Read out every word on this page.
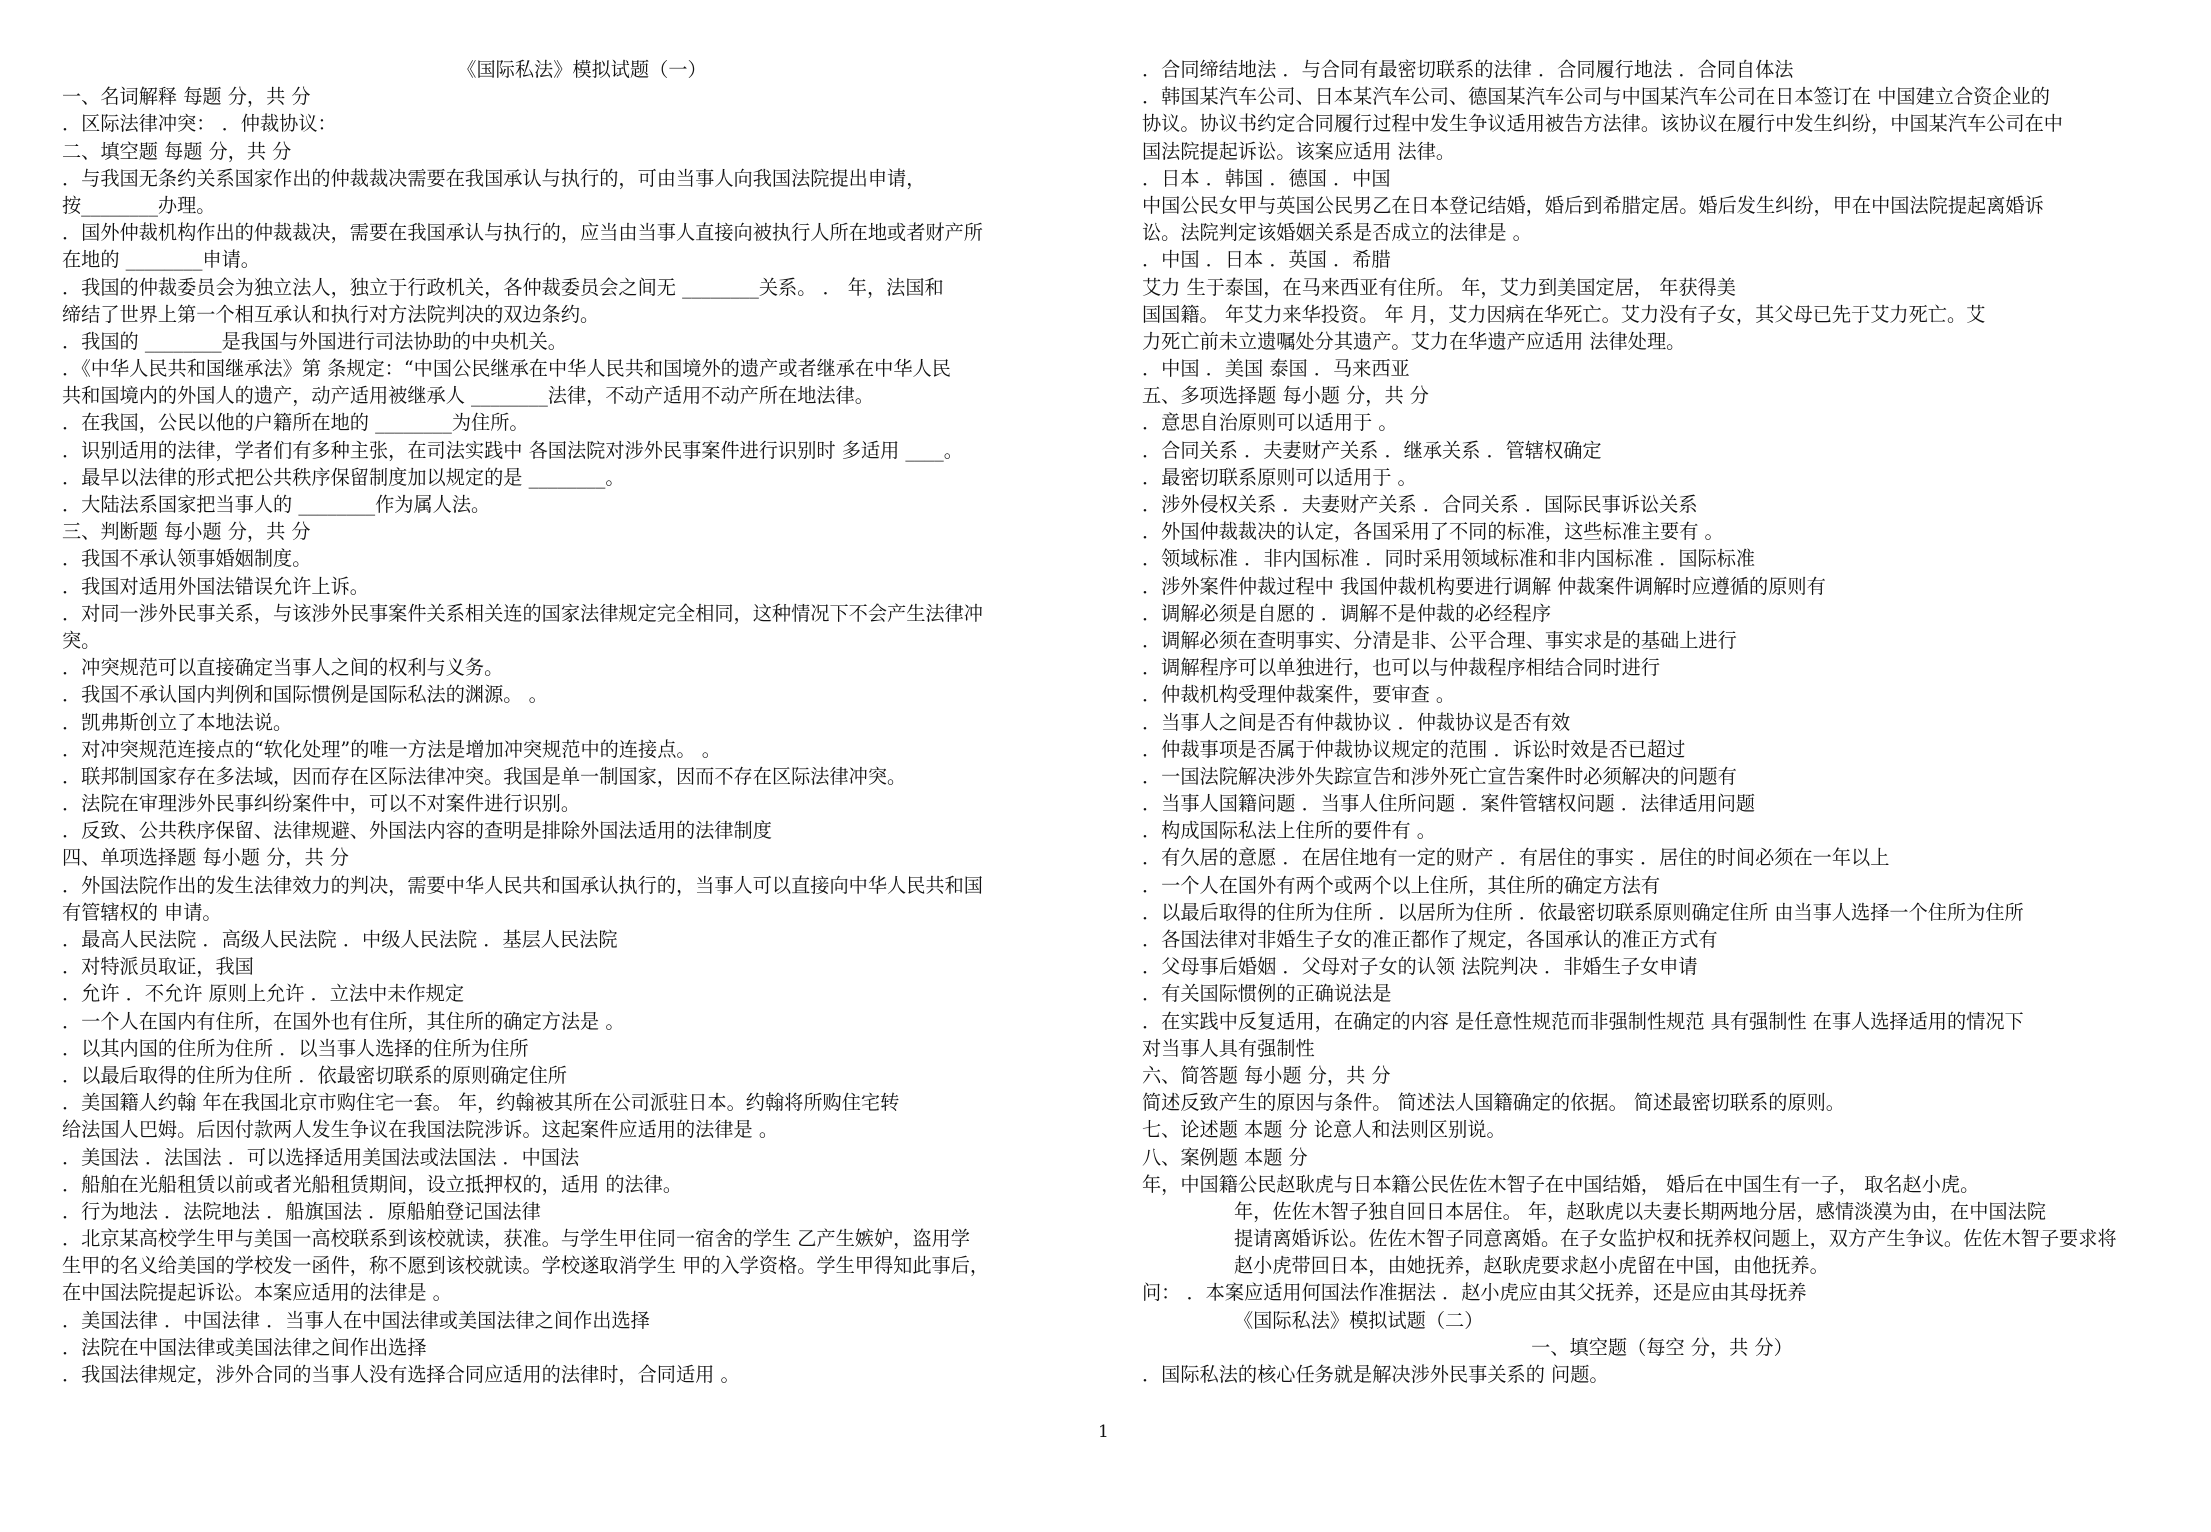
《国际私法》模拟试题（一）
一、名词解释 每题 分，共 分
．区际法律冲突： ．仲裁协议：
二、填空题 每题 分，共 分
．与我国无条约关系国家作出的仲裁裁决需要在我国承认与执行的，可由当事人向我国法院提出申请，
按________办理。
．国外仲裁机构作出的仲裁裁决，需要在我国承认与执行的，应当由当事人直接向被执行人所在地或者财产所
在地的 ________申请。
．我国的仲裁委员会为独立法人，独立于行政机关，各仲裁委员会之间无 ________关系。 ． 年，法国和
缔结了世界上第一个相互承认和执行对方法院判决的双边条约。
．我国的 ________是我国与外国进行司法协助的中央机关。
．《中华人民共和国继承法》第 条规定：“中国公民继承在中华人民共和国境外的遗产或者继承在中华人民
共和国境内的外国人的遗产，动产适用被继承人 ________法律，不动产适用不动产所在地法律。
．在我国，公民以他的户籍所在地的 ________为住所。
．识别适用的法律，学者们有多种主张，在司法实践中 各国法院对涉外民事案件进行识别时 多适用 ____。
．最早以法律的形式把公共秩序保留制度加以规定的是 ________。
．大陆法系国家把当事人的 ________作为属人法。
三、判断题 每小题 分，共 分
．我国不承认领事婚姻制度。
．我国对适用外国法错误允许上诉。
．对同一涉外民事关系，与该涉外民事案件关系相关连的国家法律规定完全相同，这种情况下不会产生法律冲
突。
．冲突规范可以直接确定当事人之间的权利与义务。
．我国不承认国内判例和国际惯例是国际私法的渊源。 。
．凯弗斯创立了本地法说。
．对冲突规范连接点的“软化处理”的唯一方法是增加冲突规范中的连接点。 。
．联邦制国家存在多法域，因而存在区际法律冲突。我国是单一制国家，因而不存在区际法律冲突。
．法院在审理涉外民事纠纷案件中，可以不对案件进行识别。
．反致、公共秩序保留、法律规避、外国法内容的查明是排除外国法适用的法律制度
四、单项选择题 每小题 分，共 分
．外国法院作出的发生法律效力的判决，需要中华人民共和国承认执行的，当事人可以直接向中华人民共和国
有管辖权的 申请。
．最高人民法院 ．高级人民法院 ．中级人民法院 ．基层人民法院
．对特派员取证，我国
．允许 ．不允许 原则上允许 ．立法中未作规定
．一个人在国内有住所，在国外也有住所，其住所的确定方法是 。
．以其内国的住所为住所 ．以当事人选择的住所为住所
．以最后取得的住所为住所 ．依最密切联系的原则确定住所
．美国籍人约翰 年在我国北京市购住宅一套。 年，约翰被其所在公司派驻日本。约翰将所购住宅转
给法国人巴姆。后因付款两人发生争议在我国法院涉诉。这起案件应适用的法律是 。
．美国法 ．法国法 ．可以选择适用美国法或法国法 ．中国法
．船舶在光船租赁以前或者光船租赁期间，设立抵押权的，适用 的法律。
．行为地法 ．法院地法 ．船旗国法 ．原船舶登记国法律
．北京某高校学生甲与美国一高校联系到该校就读，获准。与学生甲住同一宿舍的学生 乙产生嫉妒，盗用学
生甲的名义给美国的学校发一函件，称不愿到该校就读。学校遂取消学生 甲的入学资格。学生甲得知此事后，
在中国法院提起诉讼。本案应适用的法律是 。
．美国法律 ．中国法律 ．当事人在中国法律或美国法律之间作出选择
．法院在中国法律或美国法律之间作出选择
．我国法律规定，涉外合同的当事人没有选择合同应适用的法律时，合同适用 。
．合同缔结地法 ．与合同有最密切联系的法律 ．合同履行地法 ．合同自体法
．韩国某汽车公司、日本某汽车公司、德国某汽车公司与中国某汽车公司在日本签订在 中国建立合资企业的
协议。协议书约定合同履行过程中发生争议适用被告方法律。该协议在履行中发生纠纷，中国某汽车公司在中
国法院提起诉讼。该案应适用 法律。
．日本 ．韩国 ．德国 ．中国
中国公民女甲与英国公民男乙在日本登记结婚，婚后到希腊定居。婚后发生纠纷，甲在中国法院提起离婚诉
讼。法院判定该婚姻关系是否成立的法律是 。
．中国 ．日本 ．英国 ．希腊
艾力 生于泰国，在马来西亚有住所。 年，艾力到美国定居， 年获得美
国国籍。 年艾力来华投资。 年 月，艾力因病在华死亡。艾力没有子女，其父母已先于艾力死亡。艾
力死亡前未立遗嘱处分其遗产。艾力在华遗产应适用 法律处理。
．中国 ．美国 泰国 ．马来西亚
五、多项选择题 每小题 分，共 分
．意思自治原则可以适用于 。
．合同关系 ．夫妻财产关系 ．继承关系 ．管辖权确定
．最密切联系原则可以适用于 。
．涉外侵权关系 ．夫妻财产关系 ．合同关系 ．国际民事诉讼关系
．外国仲裁裁决的认定，各国采用了不同的标准，这些标准主要有 。
．领域标准 ．非内国标准 ．同时采用领域标准和非内国标准 ．国际标准
．涉外案件仲裁过程中 我国仲裁机构要进行调解 仲裁案件调解时应遵循的原则有
．调解必须是自愿的 ．调解不是仲裁的必经程序
．调解必须在查明事实、分清是非、公平合理、事实求是的基础上进行
．调解程序可以单独进行，也可以与仲裁程序相结合同时进行
．仲裁机构受理仲裁案件，要审查 。
．当事人之间是否有仲裁协议 ．仲裁协议是否有效
．仲裁事项是否属于仲裁协议规定的范围 ．诉讼时效是否已超过
．一国法院解决涉外失踪宣告和涉外死亡宣告案件时必须解决的问题有
．当事人国籍问题 ．当事人住所问题 ．案件管辖权问题 ．法律适用问题
．构成国际私法上住所的要件有 。
．有久居的意愿 ．在居住地有一定的财产 ．有居住的事实 ．居住的时间必须在一年以上
．一个人在国外有两个或两个以上住所，其住所的确定方法有
．以最后取得的住所为住所 ．以居所为住所 ．依最密切联系原则确定住所 由当事人选择一个住所为住所
．各国法律对非婚生子女的准正都作了规定，各国承认的准正方式有
．父母事后婚姻 ．父母对子女的认领 法院判决 ．非婚生子女申请
．有关国际惯例的正确说法是
．在实践中反复适用，在确定的内容 是任意性规范而非强制性规范 具有强制性 在事人选择适用的情况下
对当事人具有强制性
六、简答题 每小题 分，共 分
简述反致产生的原因与条件。 简述法人国籍确定的依据。 简述最密切联系的原则。
七、论述题 本题 分 论意人和法则区别说。
八、案例题 本题 分
年，中国籍公民赵耿虎与日本籍公民佐佐木智子在中国结婚， 婚后在中国生有一子， 取名赵小虎。
年，佐佐木智子独自回日本居住。 年，赵耿虎以夫妻长期两地分居，感情淡漠为由，在中国法院
提请离婚诉讼。佐佐木智子同意离婚。在子女监护权和抚养权问题上，双方产生争议。佐佐木智子要求将
赵小虎带回日本，由她抚养，赵耿虎要求赵小虎留在中国，由他抚养。
问： ．本案应适用何国法作准据法 ．赵小虎应由其父抚养，还是应由其母抚养
《国际私法》模拟试题（二）
一、填空题（每空 分，共 分）
．国际私法的核心任务就是解决涉外民事关系的 问题。
1
